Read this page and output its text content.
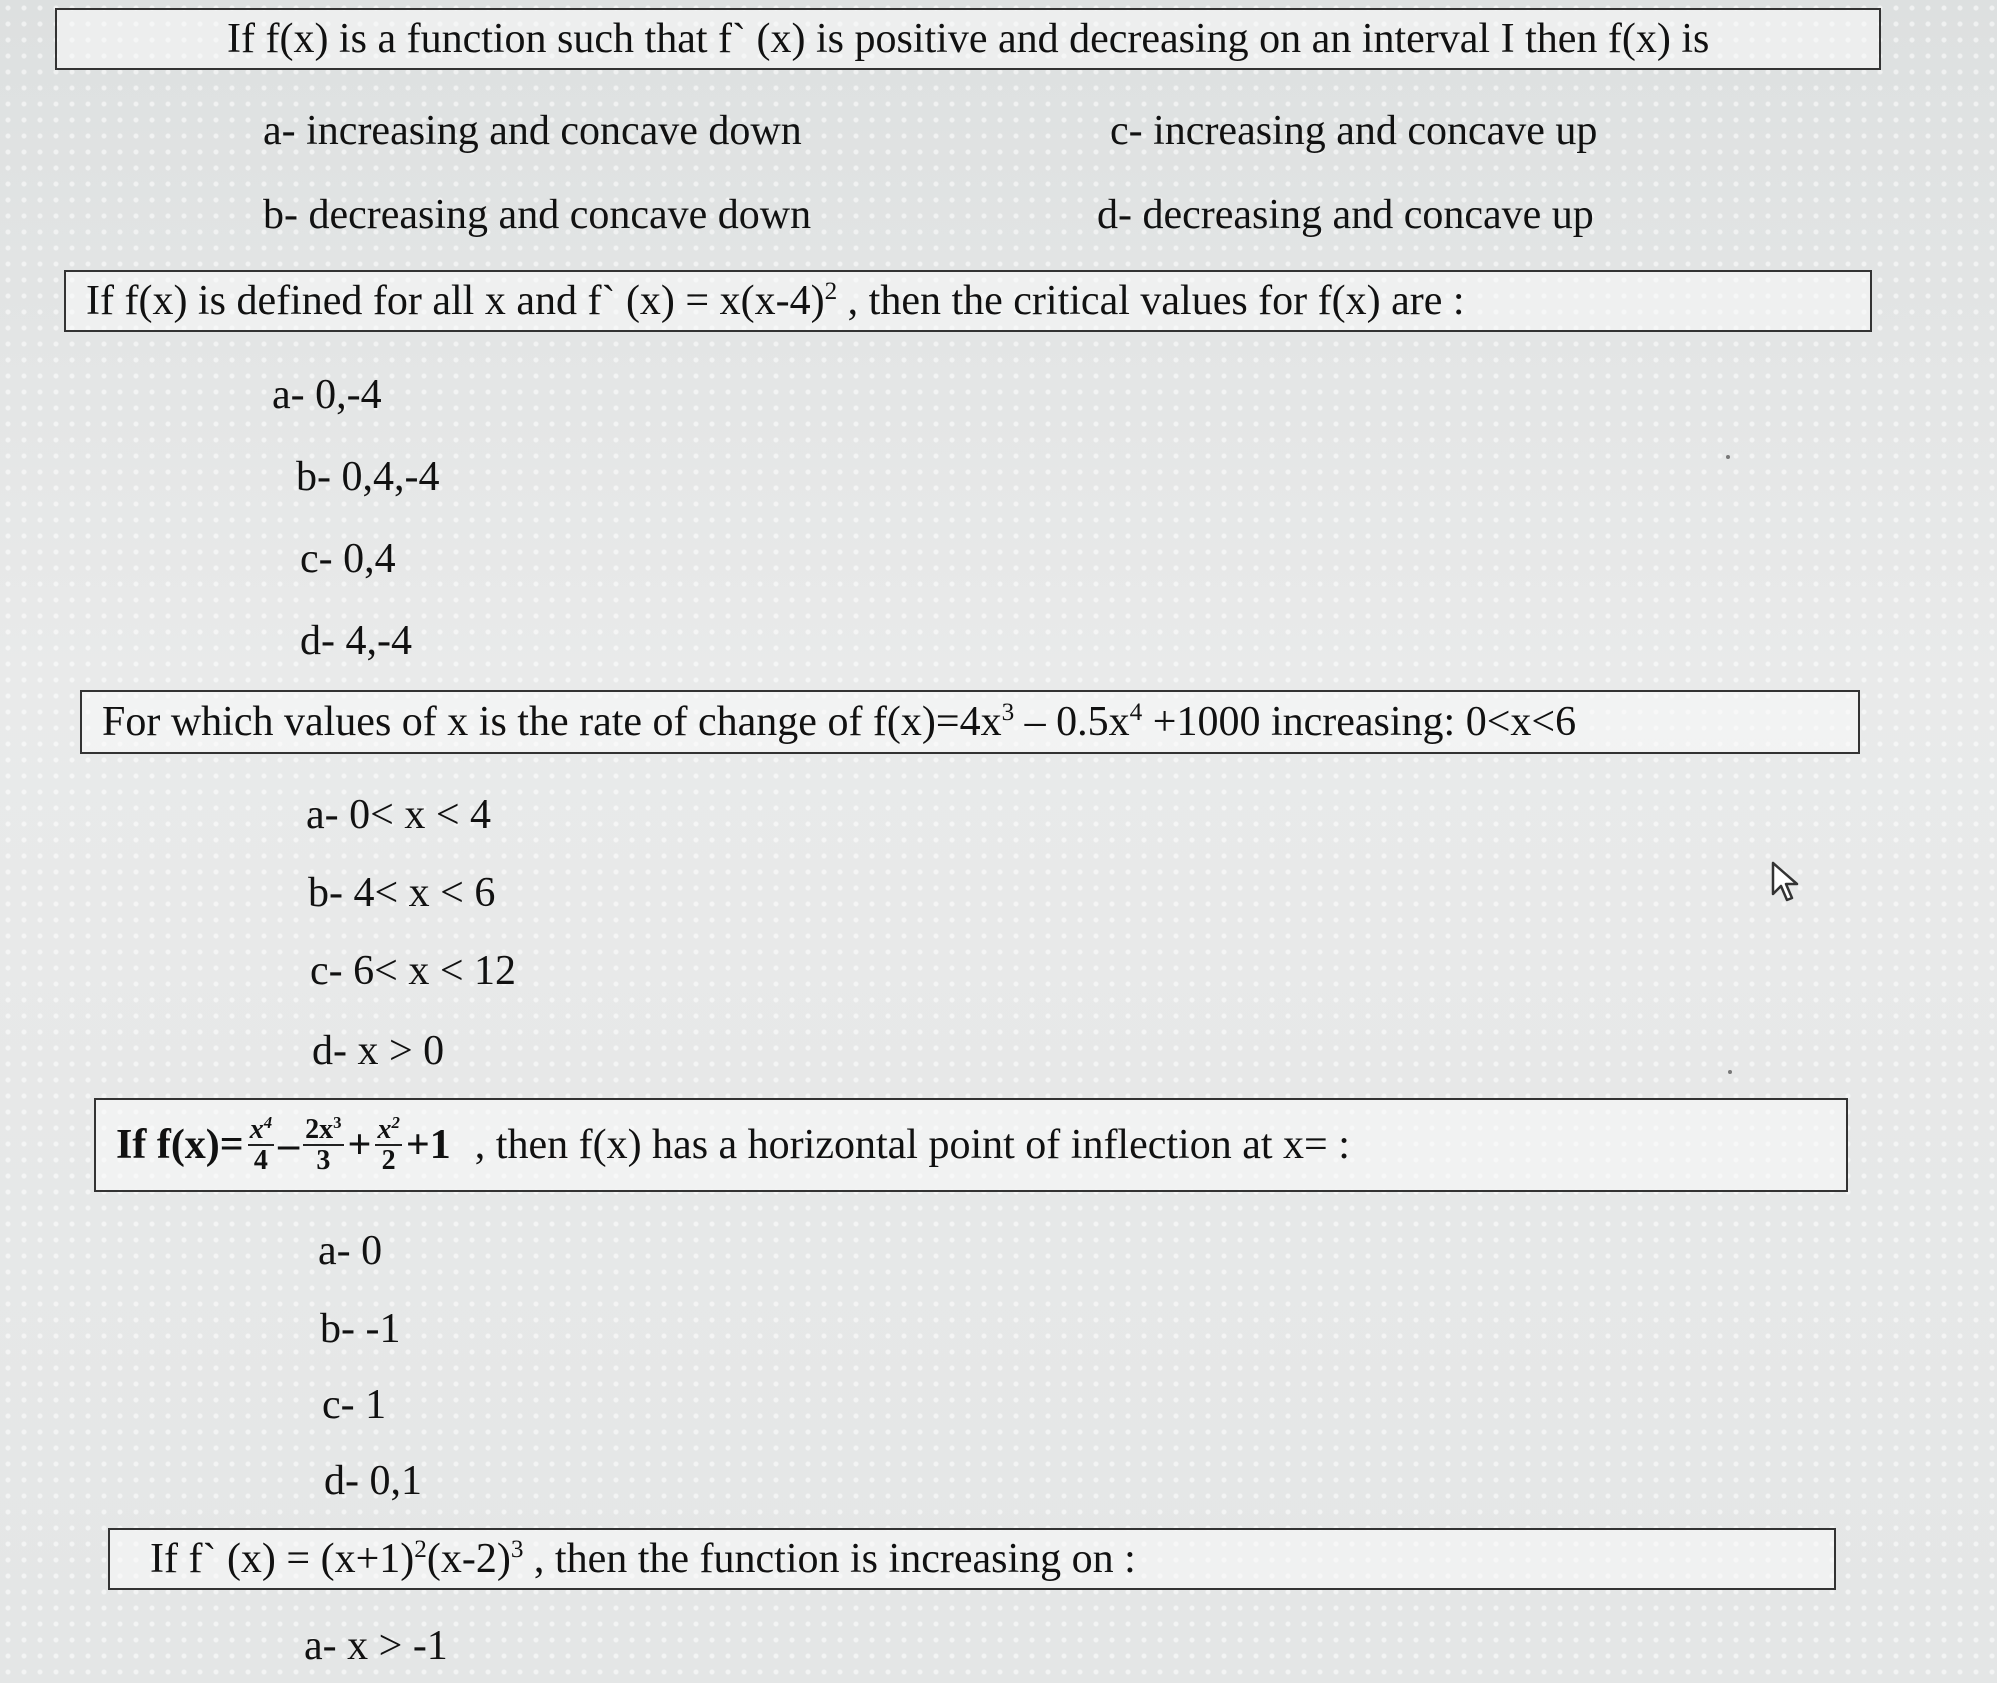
If f(x) is a function such that f` (x) is positive and decreasing on an interval I then f(x) is
a- increasing and concave down	c- increasing and concave up
b- decreasing and concave down	d- decreasing and concave up
If f(x) is defined for all x and f` $(x) = x(x-4)^2$ , then the critical values for f(x) are :
a- 0,-4
b- 0,4,-4
c- 0,4
d- 4,-4
For which values of x is the rate of change of $f(x)=4x^3 - 0.5x^4 +1000$ increasing: 0<x<6
a- 0< x < 4
b- 4< x < 6
c- 6< x < 12
d- x > 0
If $f(x)= \frac{x^4}{4} - \frac{2x^3}{3} + \frac{x^2}{2} +1$ , then f(x) has a horizontal point of inflection at x= :
a- 0
b- -1
c- 1
d- 0,1
If f` $(x) = (x+1)^2(x-2)^3$ , then the function is increasing on :
a- x > -1
